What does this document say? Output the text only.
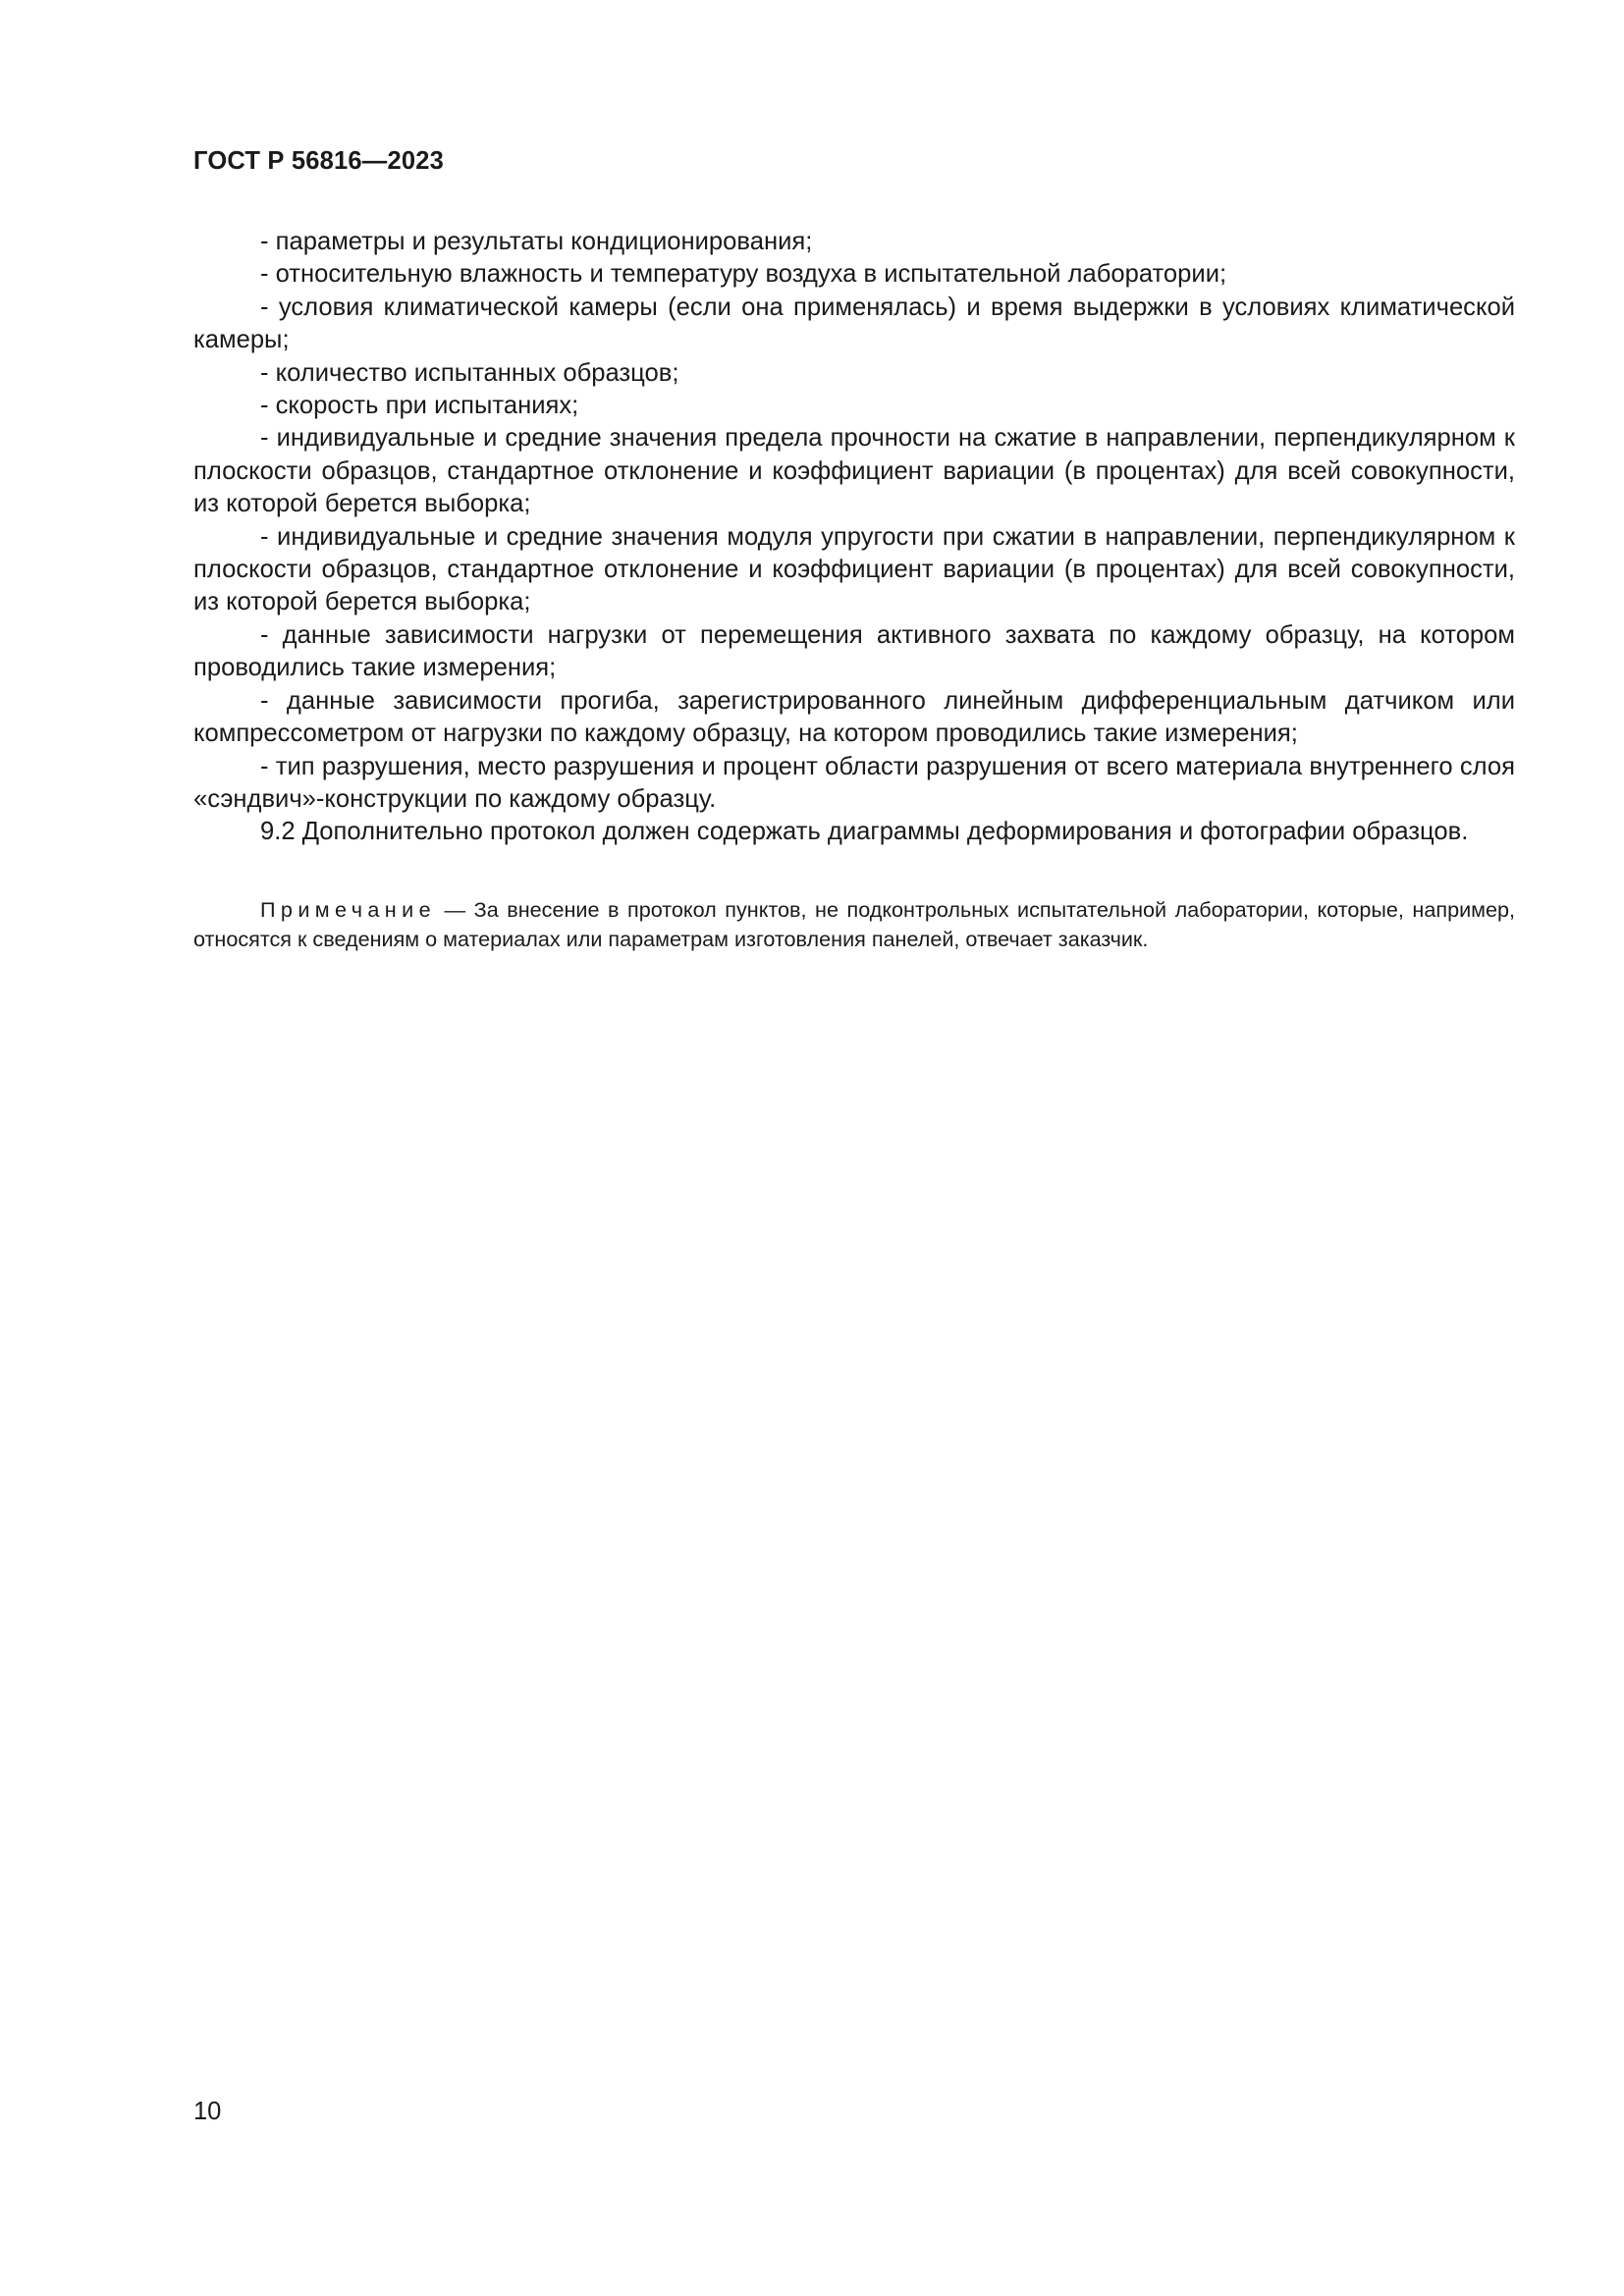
ГОСТ Р 56816—2023

- параметры и результаты кондиционирования;

- относительную влажность и температуру воздуха в испытательной лаборатории;

- условия климатической камеры (если она применялась) и время выдержки в условиях климатической камеры;

- количество испытанных образцов;

- скорость при испытаниях;

- индивидуальные и средние значения предела прочности на сжатие в направлении, перпендикулярном к плоскости образцов, стандартное отклонение и коэффициент вариации (в процентах) для всей совокупности, из которой берется выборка;

- индивидуальные и средние значения модуля упругости при сжатии в направлении, перпендикулярном к плоскости образцов, стандартное отклонение и коэффициент вариации (в процентах) для всей совокупности, из которой берется выборка;

- данные зависимости нагрузки от перемещения активного захвата по каждому образцу, на котором проводились такие измерения;

- данные зависимости прогиба, зарегистрированного линейным дифференциальным датчиком или компрессометром от нагрузки по каждому образцу, на котором проводились такие измерения;

- тип разрушения, место разрушения и процент области разрушения от всего материала внутреннего слоя «сэндвич»-конструкции по каждому образцу.

9.2 Дополнительно протокол должен содержать диаграммы деформирования и фотографии образцов.

Примечание — За внесение в протокол пунктов, не подконтрольных испытательной лаборатории, которые, например, относятся к сведениям о материалах или параметрам изготовления панелей, отвечает заказчик.

10
